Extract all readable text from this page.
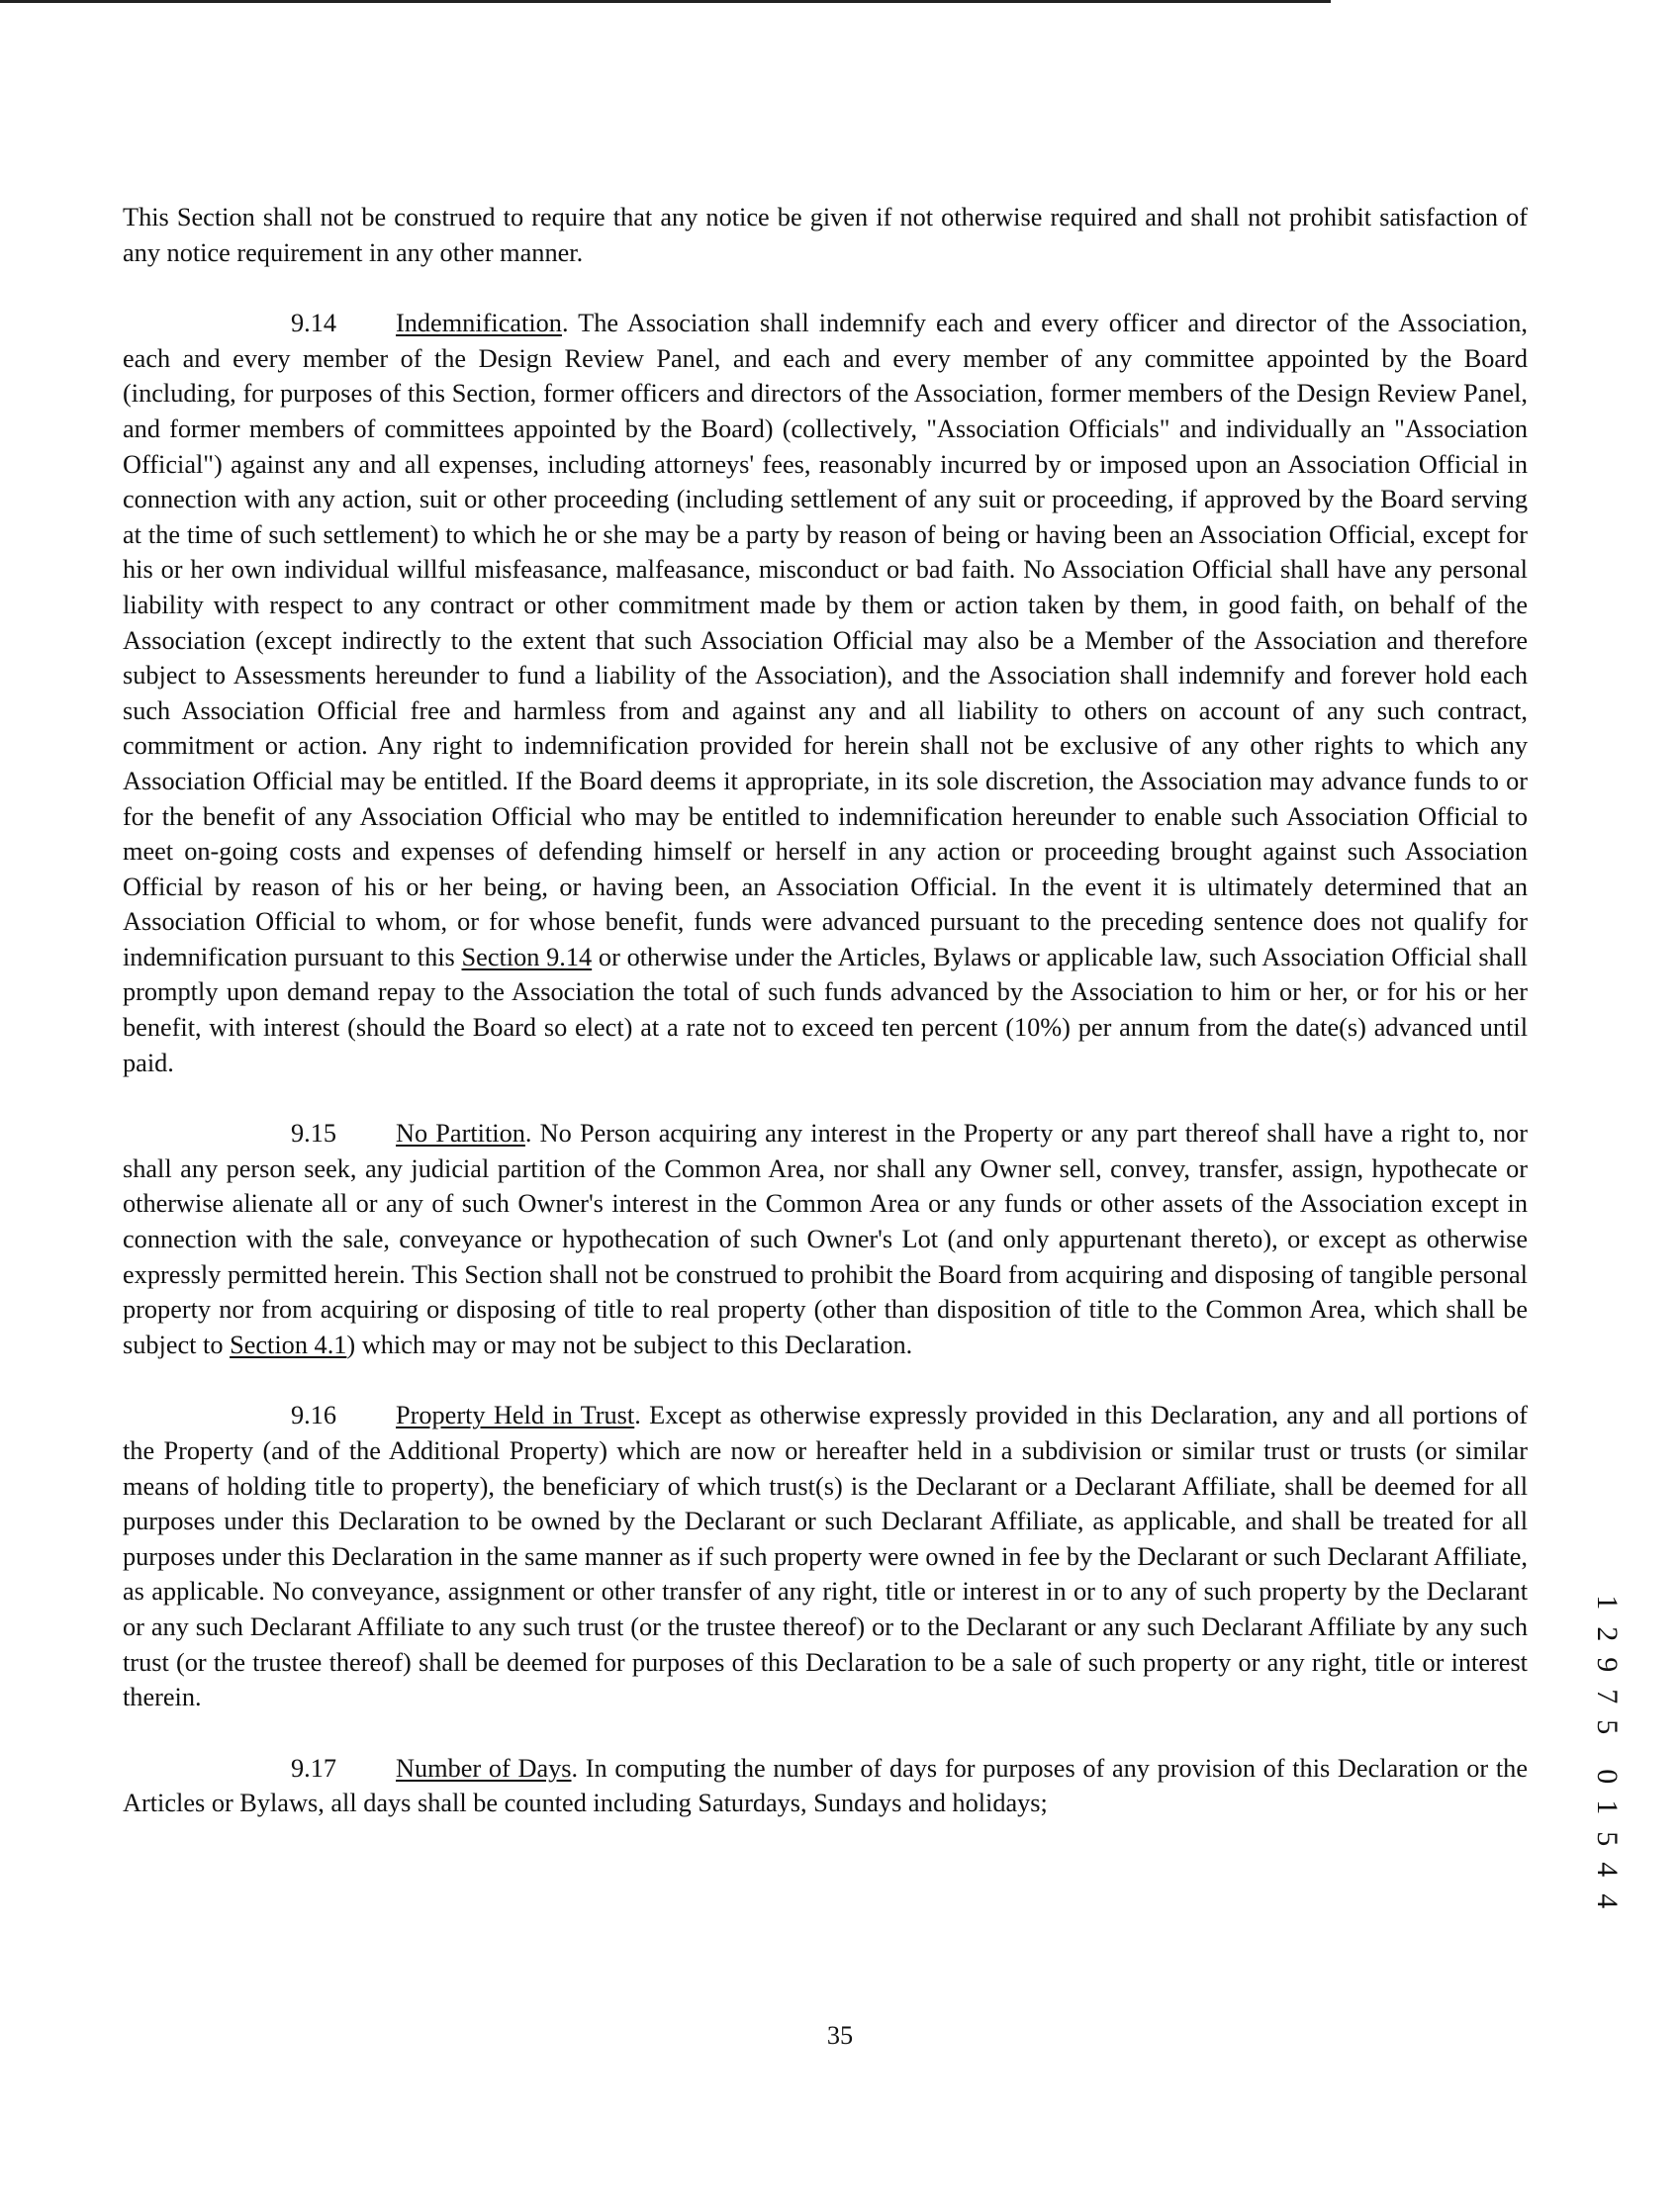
This Section shall not be construed to require that any notice be given if not otherwise required and shall not prohibit satisfaction of any notice requirement in any other manner.

9.14 Indemnification. The Association shall indemnify each and every officer and director of the Association, each and every member of the Design Review Panel, and each and every member of any committee appointed by the Board (including, for purposes of this Section, former officers and directors of the Association, former members of the Design Review Panel, and former members of committees appointed by the Board) (collectively, "Association Officials" and individually an "Association Official") against any and all expenses, including attorneys' fees, reasonably incurred by or imposed upon an Association Official in connection with any action, suit or other proceeding (including settlement of any suit or proceeding, if approved by the Board serving at the time of such settlement) to which he or she may be a party by reason of being or having been an Association Official, except for his or her own individual willful misfeasance, malfeasance, misconduct or bad faith. No Association Official shall have any personal liability with respect to any contract or other commitment made by them or action taken by them, in good faith, on behalf of the Association (except indirectly to the extent that such Association Official may also be a Member of the Association and therefore subject to Assessments hereunder to fund a liability of the Association), and the Association shall indemnify and forever hold each such Association Official free and harmless from and against any and all liability to others on account of any such contract, commitment or action. Any right to indemnification provided for herein shall not be exclusive of any other rights to which any Association Official may be entitled. If the Board deems it appropriate, in its sole discretion, the Association may advance funds to or for the benefit of any Association Official who may be entitled to indemnification hereunder to enable such Association Official to meet on-going costs and expenses of defending himself or herself in any action or proceeding brought against such Association Official by reason of his or her being, or having been, an Association Official. In the event it is ultimately determined that an Association Official to whom, or for whose benefit, funds were advanced pursuant to the preceding sentence does not qualify for indemnification pursuant to this Section 9.14 or otherwise under the Articles, Bylaws or applicable law, such Association Official shall promptly upon demand repay to the Association the total of such funds advanced by the Association to him or her, or for his or her benefit, with interest (should the Board so elect) at a rate not to exceed ten percent (10%) per annum from the date(s) advanced until paid.

9.15 No Partition. No Person acquiring any interest in the Property or any part thereof shall have a right to, nor shall any person seek, any judicial partition of the Common Area, nor shall any Owner sell, convey, transfer, assign, hypothecate or otherwise alienate all or any of such Owner's interest in the Common Area or any funds or other assets of the Association except in connection with the sale, conveyance or hypothecation of such Owner's Lot (and only appurtenant thereto), or except as otherwise expressly permitted herein. This Section shall not be construed to prohibit the Board from acquiring and disposing of tangible personal property nor from acquiring or disposing of title to real property (other than disposition of title to the Common Area, which shall be subject to Section 4.1) which may or may not be subject to this Declaration.

9.16 Property Held in Trust. Except as otherwise expressly provided in this Declaration, any and all portions of the Property (and of the Additional Property) which are now or hereafter held in a subdivision or similar trust or trusts (or similar means of holding title to property), the beneficiary of which trust(s) is the Declarant or a Declarant Affiliate, shall be deemed for all purposes under this Declaration to be owned by the Declarant or such Declarant Affiliate, as applicable, and shall be treated for all purposes under this Declaration in the same manner as if such property were owned in fee by the Declarant or such Declarant Affiliate, as applicable. No conveyance, assignment or other transfer of any right, title or interest in or to any of such property by the Declarant or any such Declarant Affiliate to any such trust (or the trustee thereof) or to the Declarant or any such Declarant Affiliate by any such trust (or the trustee thereof) shall be deemed for purposes of this Declaration to be a sale of such property or any right, title or interest therein.

9.17 Number of Days. In computing the number of days for purposes of any provision of this Declaration or the Articles or Bylaws, all days shall be counted including Saturdays, Sundays and holidays;

35
1
2
9
7
5
0
1
5
4
4
